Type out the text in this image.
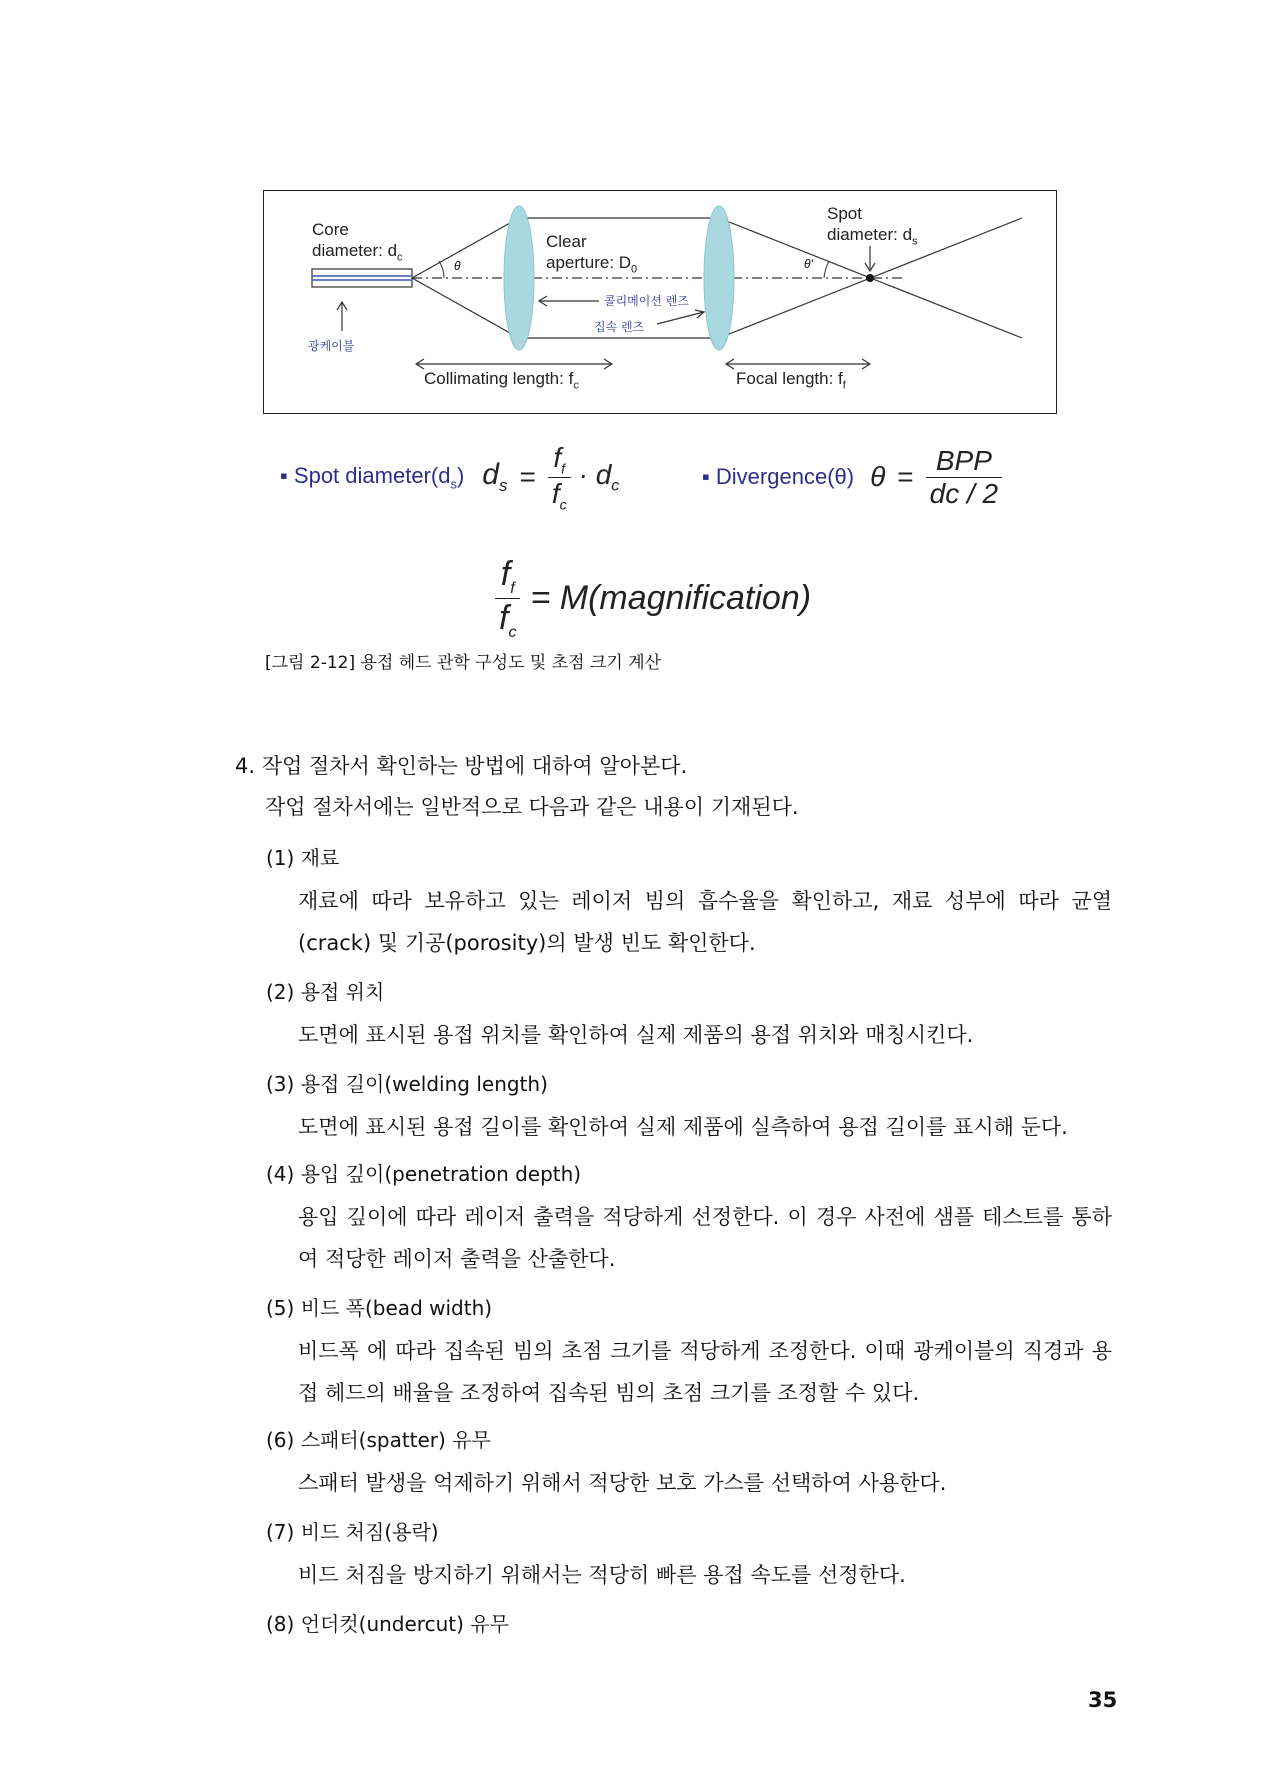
Core
diameter: $d_c$
θ
Clear
aperture: $D_0$	θ'
Spot
diameter: $d_s$
콜리메이션 렌즈
집속 렌즈
광케이블
Collimating length: $f_c$	Focal length: $f_f$
▪ Spot $diameter(d_s) d_s = \frac{f_f}{f_c} \cdot d_c$	▪ Divergence(θ) $\theta = \frac{\text{BPP}}{dc / 2}$
$\frac{f_f}{f_c}$ = M(magnification)
[그림 2-12] 용접 헤드 관학 구성도 및 초점 크기 계산
4. 작업 절차서 확인하는 방법에 대하여 알아본다.
작업 절차서에는 일반적으로 다음과 같은 내용이 기재된다.
(1) 재료
재료에 따라 보유하고 있는 레이저 빔의 흡수율을 확인하고, 재료 성부에 따라 균열 (crack) 및 기공(porosity)의 발생 빈도 확인한다.
(2) 용접 위치
도면에 표시된 용접 위치를 확인하여 실제 제품의 용접 위치와 매칭시킨다.
(3) 용접 길이(welding length)
도면에 표시된 용접 길이를 확인하여 실제 제품에 실측하여 용접 길이를 표시해 둔다.
(4) 용입 깊이(penetration depth)
용입 깊이에 따라 레이저 출력을 적당하게 선정한다. 이 경우 사전에 샘플 테스트를 통하여 적당한 레이저 출력을 산출한다.
(5) 비드 폭(bead width)
비드폭 에 따라 집속된 빔의 초점 크기를 적당하게 조정한다. 이때 광케이블의 직경과 용접 헤드의 배율을 조정하여 집속된 빔의 초점 크기를 조정할 수 있다.
(6) 스패터(spatter) 유무
스패터 발생을 억제하기 위해서 적당한 보호 가스를 선택하여 사용한다.
(7) 비드 처짐(용락)
비드 처짐을 방지하기 위해서는 적당히 빠른 용접 속도를 선정한다.
(8) 언더컷(undercut) 유무
35
